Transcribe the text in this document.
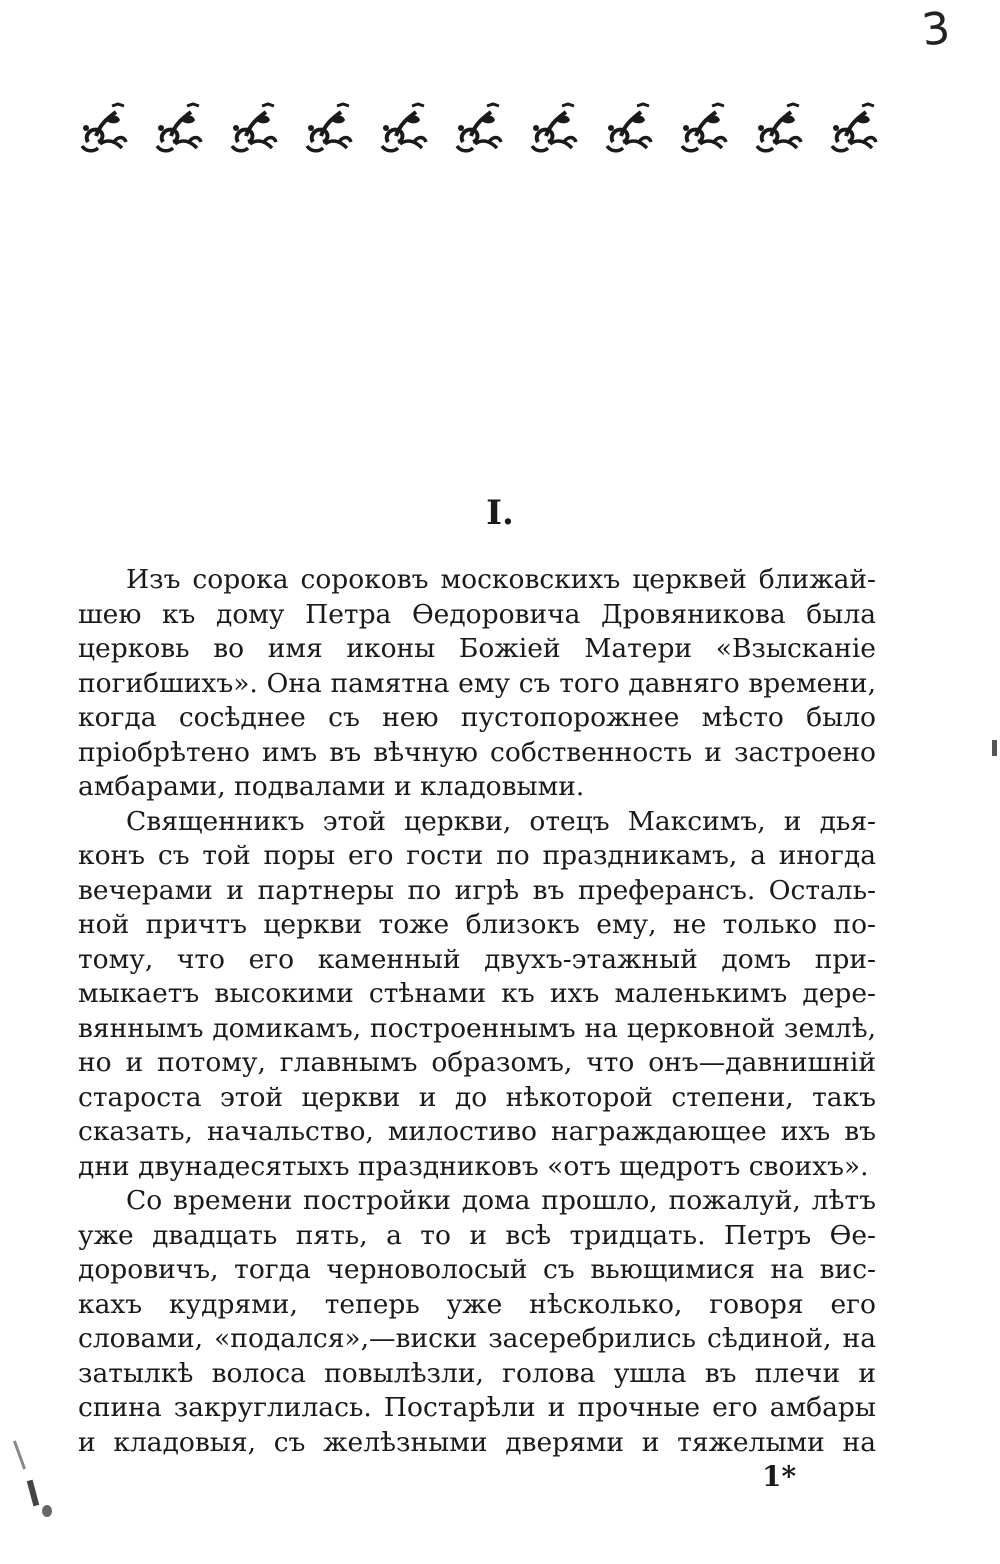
3
I.
Изъ сорока сороковъ московскихъ церквей ближай-
шею къ дому Петра Өедоровича Дровяникова была
церковь во имя иконы Божіей Матери «Взысканіе
погибшихъ». Она памятна ему съ того давняго времени,
когда сосѣднее съ нею пустопорожнее мѣсто было
пріобрѣтено имъ въ вѣчную собственность и застроено
амбарами, подвалами и кладовыми.
Священникъ этой церкви, отецъ Максимъ, и дья-
конъ съ той поры его гости по праздникамъ, а иногда
вечерами и партнеры по игрѣ въ преферансъ. Осталь-
ной причтъ церкви тоже близокъ ему, не только по-
тому, что его каменный двухъ-этажный домъ при-
мыкаетъ высокими стѣнами къ ихъ маленькимъ дере-
вяннымъ домикамъ, построеннымъ на церковной землѣ,
но и потому, главнымъ образомъ, что онъ—давнишній
староста этой церкви и до нѣкоторой степени, такъ
сказать, начальство, милостиво награждающее ихъ въ
дни двунадесятыхъ праздниковъ «отъ щедротъ своихъ».
Со времени постройки дома прошло, пожалуй, лѣтъ
уже двадцать пять, а то и всѣ тридцать. Петръ Өе-
доровичъ, тогда черноволосый съ вьющимися на вис-
кахъ кудрями, теперь уже нѣсколько, говоря его
словами, «подался»,—виски засеребрились сѣдиной, на
затылкѣ волоса повылѣзли, голова ушла въ плечи и
спина закруглилась. Постарѣли и прочные его амбары
и кладовыя, съ желѣзными дверями и тяжелыми на
1*
